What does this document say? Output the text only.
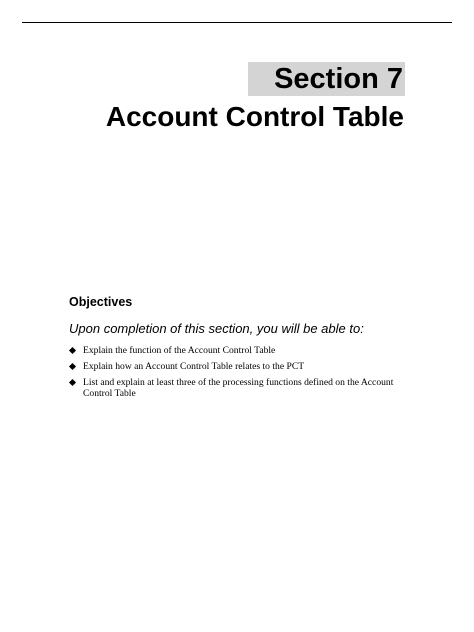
Section 7
Account Control Table
Objectives
Upon completion of this section, you will be able to:
Explain the function of the Account Control Table
Explain how an Account Control Table relates to the PCT
List and explain at least three of the processing functions defined on the Account Control Table
